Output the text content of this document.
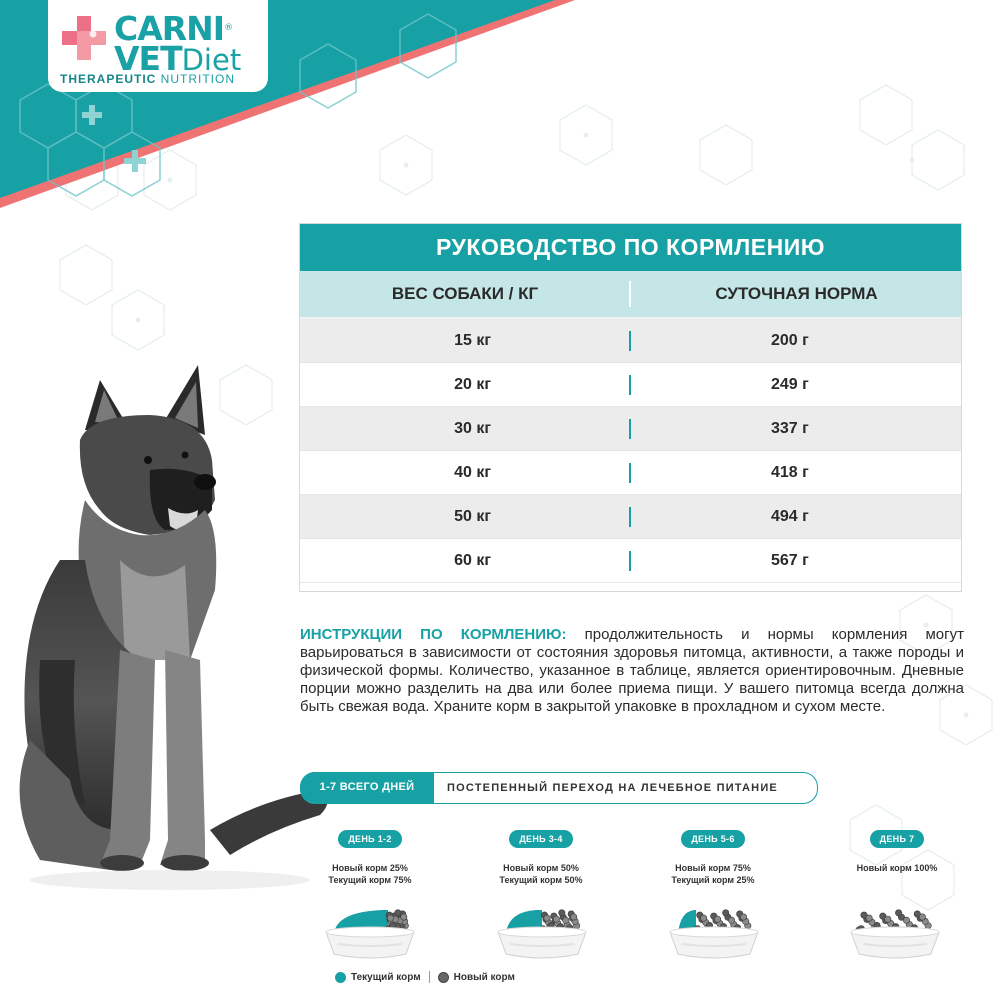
CARNI®
VETDiet
THERAPEUTIC NUTRITION
РУКОВОДСТВО ПО КОРМЛЕНИЮ
ВЕС СОБАКИ / КГ	СУТОЧНАЯ НОРМА
15 кг	200 г
20 кг	249 г
30 кг	337 г
40 кг	418 г
50 кг	494 г
60 кг	567 г
ИНСТРУКЦИИ ПО КОРМЛЕНИЮ: продолжительность и нормы кормления могут варьироваться в зависимости от состояния здоровья питомца, активности, а также породы и физической формы. Количество, указанное в таблице, является ориентировочным. Дневные порции можно разделить на два или более приема пищи. У вашего питомца всегда должна быть свежая вода. Храните корм в закрытой упаковке в прохладном и сухом месте.
1-7 ВСЕГО ДНЕЙ	ПОСТЕПЕННЫЙ ПЕРЕХОД НА ЛЕЧЕБНОЕ ПИТАНИЕ
ДЕНЬ 1-2
Новый корм 25%
Текущий корм 75%
ДЕНЬ 3-4
Новый корм 50%
Текущий корм 50%
ДЕНЬ 5-6
Новый корм 75%
Текущий корм 25%
ДЕНЬ 7
Новый корм 100%
Текущий корм	Новый корм
